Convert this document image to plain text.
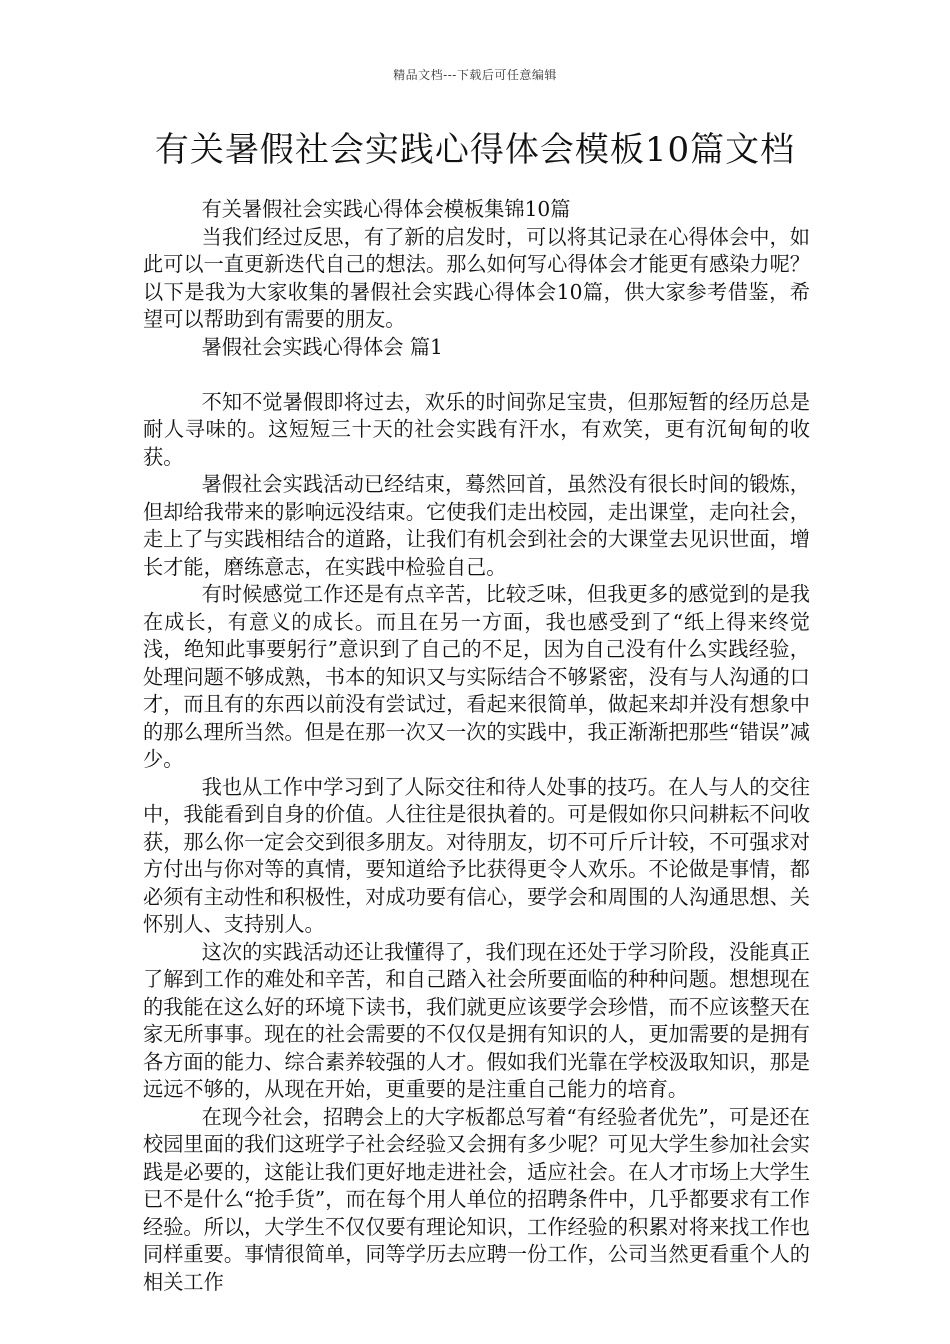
精品文档---下载后可任意编辑
有关暑假社会实践心得体会模板10篇文档

有关暑假社会实践心得体会模板集锦10篇

当我们经过反思，有了新的启发时，可以将其记录在心得体会中，如此可以一直更新迭代自己的想法。那么如何写心得体会才能更有感染力呢？以下是我为大家收集的暑假社会实践心得体会10篇，供大家参考借鉴，希望可以帮助到有需要的朋友。

暑假社会实践心得体会 篇1

不知不觉暑假即将过去，欢乐的时间弥足宝贵，但那短暂的经历总是耐人寻味的。这短短三十天的社会实践有汗水，有欢笑，更有沉甸甸的收获。

暑假社会实践活动已经结束，蓦然回首，虽然没有很长时间的锻炼，但却给我带来的影响远没结束。它使我们走出校园，走出课堂，走向社会，走上了与实践相结合的道路，让我们有机会到社会的大课堂去见识世面，增长才能，磨练意志，在实践中检验自己。

有时候感觉工作还是有点辛苦，比较乏味，但我更多的感觉到的是我在成长，有意义的成长。而且在另一方面，我也感受到了“纸上得来终觉浅，绝知此事要躬行”意识到了自己的不足，因为自己没有什么实践经验，处理问题不够成熟，书本的知识又与实际结合不够紧密，没有与人沟通的口才，而且有的东西以前没有尝试过，看起来很简单，做起来却并没有想象中的那么理所当然。但是在那一次又一次的实践中，我正渐渐把那些“错误”减少。

我也从工作中学习到了人际交往和待人处事的技巧。在人与人的交往中，我能看到自身的价值。人往往是很执着的。可是假如你只问耕耘不问收获，那么你一定会交到很多朋友。对待朋友，切不可斤斤计较，不可强求对方付出与你对等的真情，要知道给予比获得更令人欢乐。不论做是事情，都必须有主动性和积极性，对成功要有信心，要学会和周围的人沟通思想、关怀别人、支持别人。

这次的实践活动还让我懂得了，我们现在还处于学习阶段，没能真正了解到工作的难处和辛苦，和自己踏入社会所要面临的种种问题。想想现在的我能在这么好的环境下读书，我们就更应该要学会珍惜，而不应该整天在家无所事事。现在的社会需要的不仅仅是拥有知识的人，更加需要的是拥有各方面的能力、综合素养较强的人才。假如我们光靠在学校汲取知识，那是远远不够的，从现在开始，更重要的是注重自己能力的培育。

在现今社会，招聘会上的大字板都总写着“有经验者优先”，可是还在校园里面的我们这班学子社会经验又会拥有多少呢？可见大学生参加社会实践是必要的，这能让我们更好地走进社会，适应社会。在人才市场上大学生已不是什么“抢手货”，而在每个用人单位的招聘条件中，几乎都要求有工作经验。所以，大学生不仅仅要有理论知识，工作经验的积累对将来找工作也同样重要。事情很简单，同等学历去应聘一份工作，公司当然更看重个人的相关工作
